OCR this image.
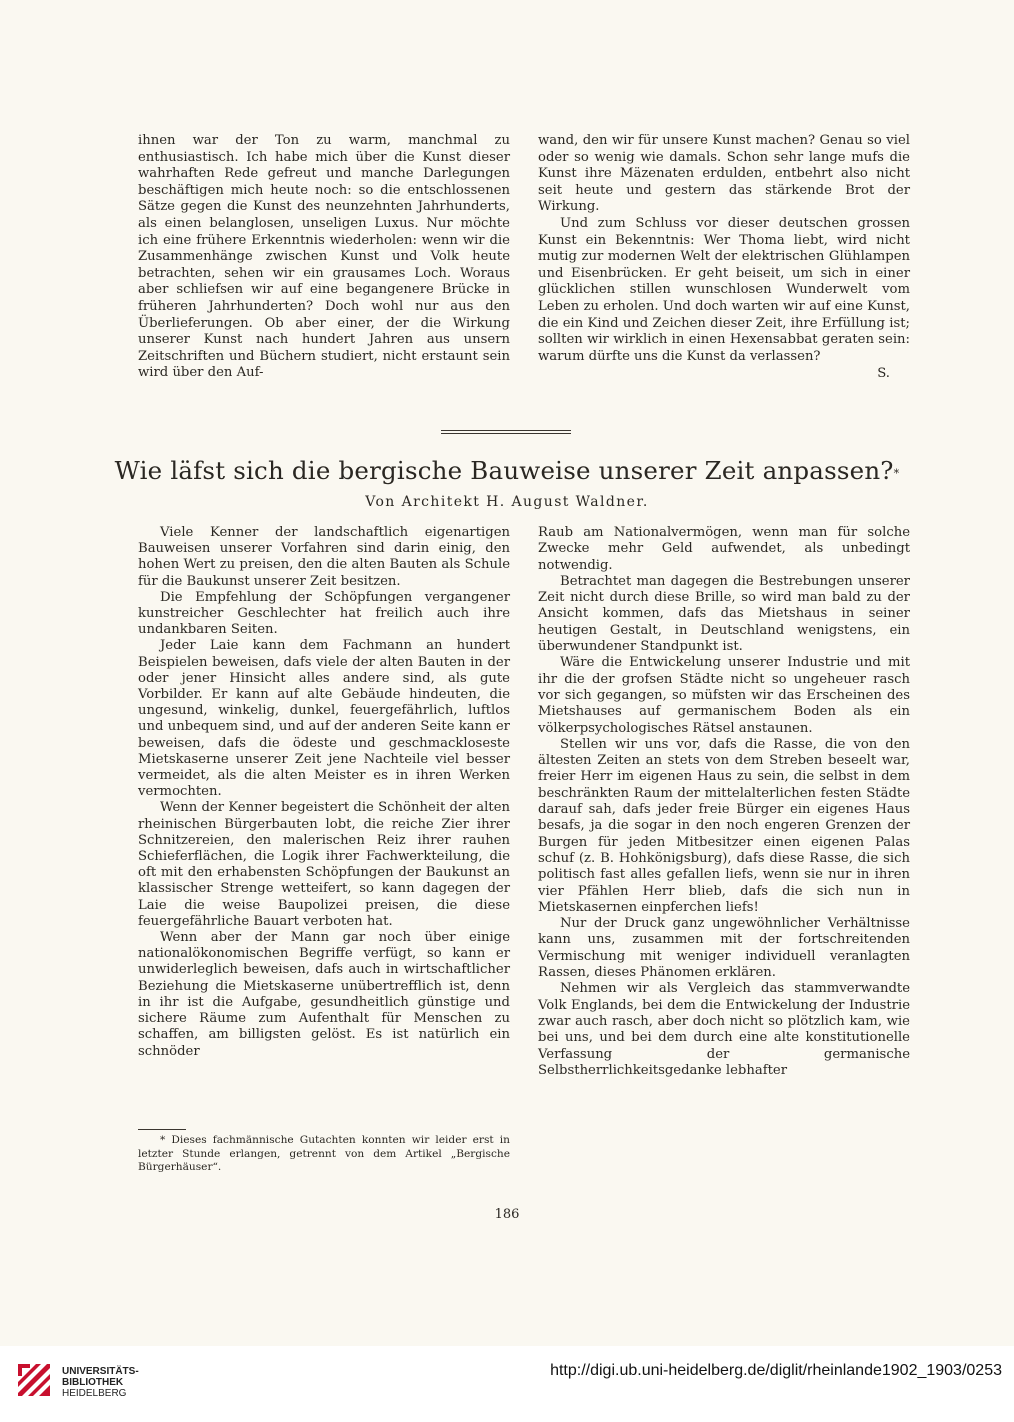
ihnen war der Ton zu warm, manchmal zu enthusiastisch. Ich habe mich über die Kunst dieser wahrhaften Rede gefreut und manche Darlegungen beschäftigen mich heute noch: so die entschlossenen Sätze gegen die Kunst des neunzehnten Jahrhunderts, als einen belanglosen, unseligen Luxus. Nur möchte ich eine frühere Erkenntnis wiederholen: wenn wir die Zusammenhänge zwischen Kunst und Volk heute betrachten, sehen wir ein grausames Loch. Woraus aber schliefsen wir auf eine begangenere Brücke in früheren Jahrhunderten? Doch wohl nur aus den Überlieferungen. Ob aber einer, der die Wirkung unserer Kunst nach hundert Jahren aus unsern Zeitschriften und Büchern studiert, nicht erstaunt sein wird über den Auf-

wand, den wir für unsere Kunst machen? Genau so viel oder so wenig wie damals. Schon sehr lange mufs die Kunst ihre Mäzenaten erdulden, entbehrt also nicht seit heute und gestern das stärkende Brot der Wirkung.

Und zum Schluss vor dieser deutschen grossen Kunst ein Bekenntnis: Wer Thoma liebt, wird nicht mutig zur modernen Welt der elektrischen Glühlampen und Eisenbrücken. Er geht beiseit, um sich in einer glücklichen stillen wunschlosen Wunderwelt vom Leben zu erholen. Und doch warten wir auf eine Kunst, die ein Kind und Zeichen dieser Zeit, ihre Erfüllung ist; sollten wir wirklich in einen Hexensabbat geraten sein: warum dürfte uns die Kunst da verlassen?

S.

Wie läfst sich die bergische Bauweise unserer Zeit anpassen?*
Von Architekt H. August Waldner.

Viele Kenner der landschaftlich eigenartigen Bauweisen unserer Vorfahren sind darin einig, den hohen Wert zu preisen, den die alten Bauten als Schule für die Baukunst unserer Zeit besitzen.

Die Empfehlung der Schöpfungen vergangener kunstreicher Geschlechter hat freilich auch ihre undankbaren Seiten.

Jeder Laie kann dem Fachmann an hundert Beispielen beweisen, dafs viele der alten Bauten in der oder jener Hinsicht alles andere sind, als gute Vorbilder. Er kann auf alte Gebäude hindeuten, die ungesund, winkelig, dunkel, feuergefährlich, luftlos und unbequem sind, und auf der anderen Seite kann er beweisen, dafs die ödeste und geschmackloseste Mietskaserne unserer Zeit jene Nachteile viel besser vermeidet, als die alten Meister es in ihren Werken vermochten.

Wenn der Kenner begeistert die Schönheit der alten rheinischen Bürgerbauten lobt, die reiche Zier ihrer Schnitzereien, den malerischen Reiz ihrer rauhen Schieferflächen, die Logik ihrer Fachwerkteilung, die oft mit den erhabensten Schöpfungen der Baukunst an klassischer Strenge wetteifert, so kann dagegen der Laie die weise Baupolizei preisen, die diese feuergefährliche Bauart verboten hat.

Wenn aber der Mann gar noch über einige nationalökonomischen Begriffe verfügt, so kann er unwiderleglich beweisen, dafs auch in wirtschaftlicher Beziehung die Mietskaserne unübertrefflich ist, denn in ihr ist die Aufgabe, gesundheitlich günstige und sichere Räume zum Aufenthalt für Menschen zu schaffen, am billigsten gelöst. Es ist natürlich ein schnöder

Raub am Nationalvermögen, wenn man für solche Zwecke mehr Geld aufwendet, als unbedingt notwendig.

Betrachtet man dagegen die Bestrebungen unserer Zeit nicht durch diese Brille, so wird man bald zu der Ansicht kommen, dafs das Mietshaus in seiner heutigen Gestalt, in Deutschland wenigstens, ein überwundener Standpunkt ist.

Wäre die Entwickelung unserer Industrie und mit ihr die der grofsen Städte nicht so ungeheuer rasch vor sich gegangen, so müfsten wir das Erscheinen des Mietshauses auf germanischem Boden als ein völkerpsychologisches Rätsel anstaunen.

Stellen wir uns vor, dafs die Rasse, die von den ältesten Zeiten an stets von dem Streben beseelt war, freier Herr im eigenen Haus zu sein, die selbst in dem beschränkten Raum der mittelalterlichen festen Städte darauf sah, dafs jeder freie Bürger ein eigenes Haus besafs, ja die sogar in den noch engeren Grenzen der Burgen für jeden Mitbesitzer einen eigenen Palas schuf (z. B. Hohkönigsburg), dafs diese Rasse, die sich politisch fast alles gefallen liefs, wenn sie nur in ihren vier Pfählen Herr blieb, dafs die sich nun in Mietskasernen einpferchen liefs!

Nur der Druck ganz ungewöhnlicher Verhältnisse kann uns, zusammen mit der fortschreitenden Vermischung mit weniger individuell veranlagten Rassen, dieses Phänomen erklären.

Nehmen wir als Vergleich das stammverwandte Volk Englands, bei dem die Entwickelung der Industrie zwar auch rasch, aber doch nicht so plötzlich kam, wie bei uns, und bei dem durch eine alte konstitutionelle Verfassung der germanische Selbstherrlichkeitsgedanke lebhafter

* Dieses fachmännische Gutachten konnten wir leider erst in letzter Stunde erlangen, getrennt von dem Artikel „Bergische Bürgerhäuser“.

186
UNIVERSITÄTS-
BIBLIOTHEK
HEIDELBERG
http://digi.ub.uni-heidelberg.de/diglit/rheinlande1902_1903/0253
